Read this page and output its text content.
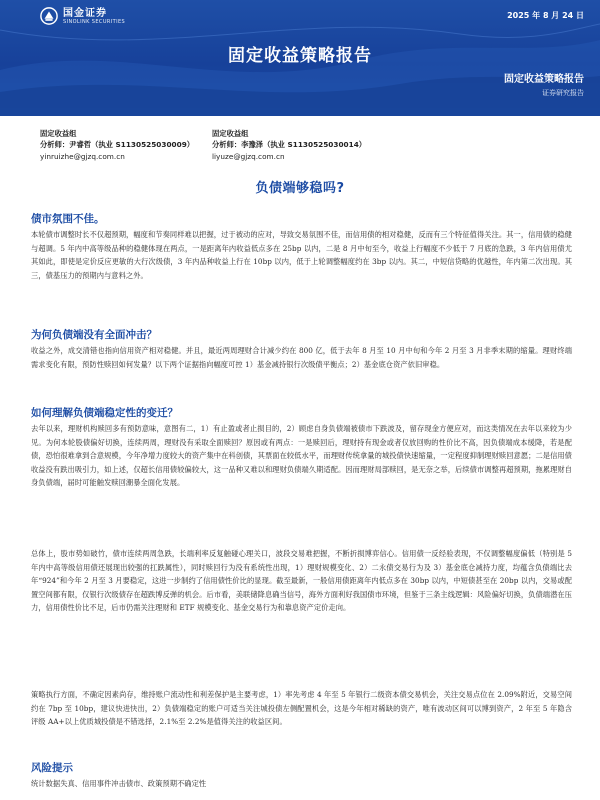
国金证券
SINOLINK SECURITIES
2025 年 8 月 24 日
固定收益策略报告
固定收益策略报告
证券研究报告
固定收益组
分析师：尹睿哲（执业 S1130525030009）
yinruizhe@gjzq.com.cn
固定收益组
分析师：李豫泽（执业 S1130525030014）
liyuze@gjzq.com.cn
负债端够稳吗?
债市氛围不佳。
本轮债市调整时长不仅超预期，幅度和节奏同样难以把握，过于被动的应对，导致交易氛围不佳，而信用债的相对稳健，反而有三个特征值得关注。其一，信用债的稳健与超调。5 年内中高等级品种的稳健体现在两点，一是距离年内收益低点多在 25bp 以内，二是 8 月中旬至今，收益上行幅度不少低于 7 月底的急跌，3 年内信用债尤其如此，即使是定价反应更敏的大行次级债，3 年内品种收益上行在 10bp 以内，低于上轮调整幅度约在 3bp 以内。其二，中短信贷略的优越性，年内第二次出现。其三，债基压力的预期内与意料之外。
为何负债端没有全面冲击？
收益之外，成交清错也指向信用资产相对稳健。并且，最近两周理财合计减少约在 800 亿，低于去年 8 月至 10 月中旬和今年 2 月至 3 月非季末期的缩量。理财终端需求变化有限，预防性赎回如何发量？以下两个证据指向幅度可控 1）基金减持银行次级债平衡点；2）基金底仓资产依旧审稳。
如何理解负债端稳定性的变迁？
去年以来，理财机构赎回多有预防意味，意图有二，1）有止盈或者止损目的，2）顾虑自身负债端被债市下跌波及，留存现金方便应对，而这类情况在去年以来较为少见。为何本轮股债偏好切换，连续两周，理财没有采取全面赎回？原因或有两点：一是赎回后，理财持有现金或者仅放回购的性价比不高，因负债端成本缓降，若是配债，恐怕很难拿到合意规模，今年净增力度较大的资产集中在科创债，其票面在较低水平，而理财传统拿量的城投债快速缩量，一定程度抑制理财赎回意愿；二是信用债收益没有跌出吸引力，如上述，仅超长信用债较偏较大，这一品种又难以和理财负债端久期适配。因而理财局部赎回，是无奈之举，后续债市调整再超预期，拖累理财自身负债端，届时可能触发赎回潮暴全面化发展。
总体上，股市势如破竹，债市连续两周急跌，长端利率反复触碰心理关口，波段交易难把握，不断折损博弈信心。信用债一反经验表现，不仅调整幅度偏低（特别是 5 年内中高等级信用债还展现出较强的扛跌属性），同时赎回行为没有系统性出现，1）理财规模变化、2）二永债交易行为及 3）基金底仓减持力度，均蕴含负债端比去年“924”和今年 2 月至 3 月要稳定，这进一步制约了信用债性价比的显现。截至最新，一般信用债距离年内低点多在 30bp 以内，中短债甚至在 20bp 以内，交易或配置空间都有限，仅银行次级债存在超跌博反弹的机会。后市看，美联储降息确当信号，海外方面利好我国债市环境，但鉴于三条主线逻辑：风险偏好切换，负债端潜在压力，信用债性价比不足，后市仍需关注理财和 ETF 规模变化、基金交易行为和靠息资产定价走向。
策略执行方面，不确定因素尚存，维持账户流动性和利差保护是主要考虑，1）率先考虑 4 年至 5 年银行二级资本债交易机会，关注交易点位在 2.09%附近，交易空间约在 7bp 至 10bp，建议快进快出，2）负债端稳定的账户可适当关注城投债左侧配置机会，这是今年相对稀缺的资产，唯有波动区间可以博到资产，2 年至 5 年隐含评级 AA+以上优质城投债是不错选择，2.1%至 2.2%是值得关注的收益区间。
风险提示
统计数据失真、信用事件冲击债市、政策预期不确定性
